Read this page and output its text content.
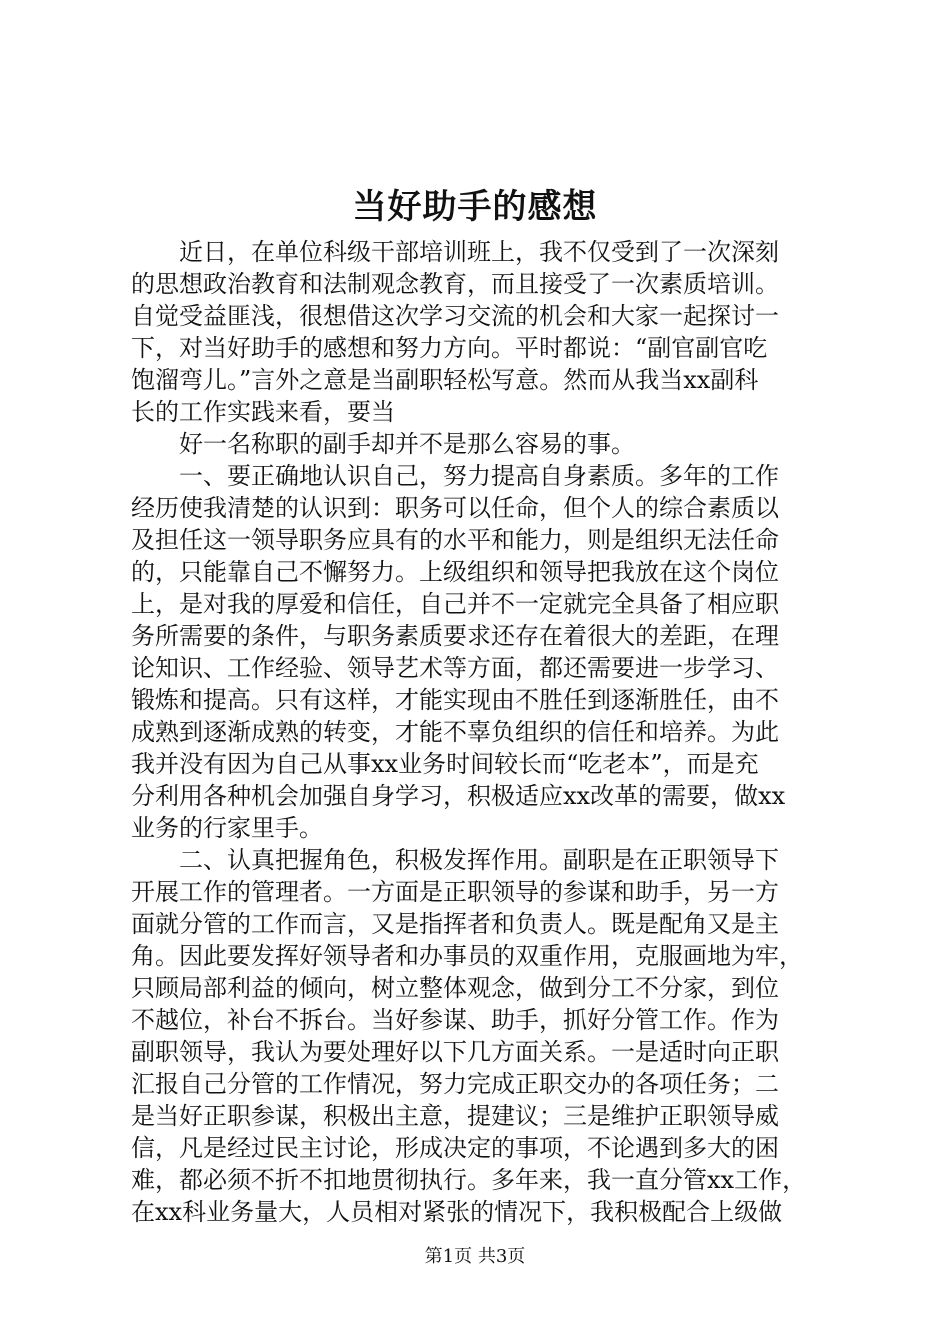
当好助手的感想
近日，在单位科级干部培训班上，我不仅受到了一次深刻
的思想政治教育和法制观念教育，而且接受了一次素质培训。
自觉受益匪浅，很想借这次学习交流的机会和大家一起探讨一
下，对当好助手的感想和努力方向。平时都说：“副官副官吃
饱溜弯儿。”言外之意是当副职轻松写意。然而从我当xx副科
长的工作实践来看，要当
好一名称职的副手却并不是那么容易的事。
一、要正确地认识自己，努力提高自身素质。多年的工作
经历使我清楚的认识到：职务可以任命，但个人的综合素质以
及担任这一领导职务应具有的水平和能力，则是组织无法任命
的，只能靠自己不懈努力。上级组织和领导把我放在这个岗位
上，是对我的厚爱和信任，自己并不一定就完全具备了相应职
务所需要的条件，与职务素质要求还存在着很大的差距，在理
论知识、工作经验、领导艺术等方面，都还需要进一步学习、
锻炼和提高。只有这样，才能实现由不胜任到逐渐胜任，由不
成熟到逐渐成熟的转变，才能不辜负组织的信任和培养。为此
我并没有因为自己从事xx业务时间较长而“吃老本”，而是充
分利用各种机会加强自身学习，积极适应xx改革的需要，做xx
业务的行家里手。
二、认真把握角色，积极发挥作用。副职是在正职领导下
开展工作的管理者。一方面是正职领导的参谋和助手，另一方
面就分管的工作而言，又是指挥者和负责人。既是配角又是主
角。因此要发挥好领导者和办事员的双重作用，克服画地为牢，
只顾局部利益的倾向，树立整体观念，做到分工不分家，到位
不越位，补台不拆台。当好参谋、助手，抓好分管工作。作为
副职领导，我认为要处理好以下几方面关系。一是适时向正职
汇报自己分管的工作情况，努力完成正职交办的各项任务；二
是当好正职参谋，积极出主意，提建议；三是维护正职领导威
信，凡是经过民主讨论，形成决定的事项，不论遇到多大的困
难，都必须不折不扣地贯彻执行。多年来，我一直分管xx工作，
在xx科业务量大，人员相对紧张的情况下，我积极配合上级做
第1页 共3页
